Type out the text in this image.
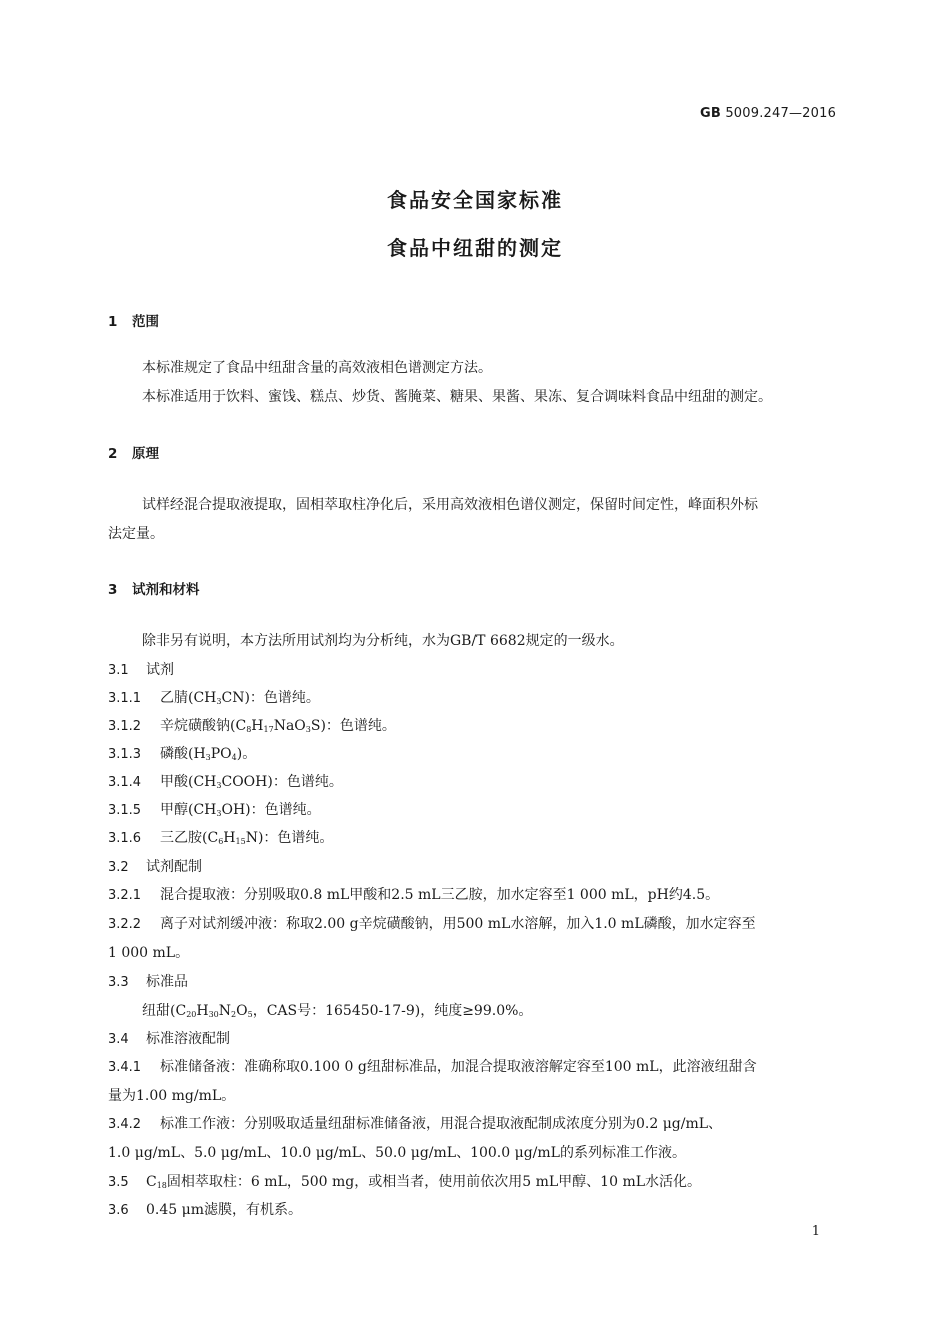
GB 5009.247—2016
食品安全国家标准
食品中纽甜的测定
1 范围
本标准规定了食品中纽甜含量的高效液相色谱测定方法。
本标准适用于饮料、蜜饯、糕点、炒货、酱腌菜、糖果、果酱、果冻、复合调味料食品中纽甜的测定。
2 原理
试样经混合提取液提取，固相萃取柱净化后，采用高效液相色谱仪测定，保留时间定性，峰面积外标
法定量。
3 试剂和材料
除非另有说明，本方法所用试剂均为分析纯，水为GB/T 6682规定的一级水。
3.1 试剂
3.1.1 乙腈$(CH_3CN)$：色谱纯。
3.1.2 辛烷磺酸钠$(C_8H_{17}NaO_3S)$：色谱纯。
3.1.3 磷酸$(H_3PO_4)$。
3.1.4 甲酸$(CH_3COOH)$：色谱纯。
3.1.5 甲醇$(CH_3OH)$：色谱纯。
3.1.6 三乙胺$(C_6H_{15}N)$：色谱纯。
3.2 试剂配制
3.2.1 混合提取液：分别吸取0.8 mL甲酸和2.5 mL三乙胺，加水定容至1 000 mL，pH约4.5。
3.2.2 离子对试剂缓冲液：称取2.00 g辛烷磺酸钠，用500 mL水溶解，加入1.0 mL磷酸，加水定容至
1 000 mL。
3.3 标准品
纽甜($C_{20}H_{30}N_2O_5$，CAS号：165450-17-9)，纯度≥99.0%。
3.4 标准溶液配制
3.4.1 标准储备液：准确称取0.100 0 g纽甜标准品，加混合提取液溶解定容至100 mL，此溶液纽甜含
量为1.00 mg/mL。
3.4.2 标准工作液：分别吸取适量纽甜标准储备液，用混合提取液配制成浓度分别为0.2 μg/mL、
1.0 μg/mL、5.0 μg/mL、10.0 μg/mL、50.0 μg/mL、100.0 μg/mL的系列标准工作液。
3.5 $C_{18}$固相萃取柱：6 mL，500 mg，或相当者，使用前依次用5 mL甲醇、10 mL水活化。
3.6 0.45 μm滤膜，有机系。
1
